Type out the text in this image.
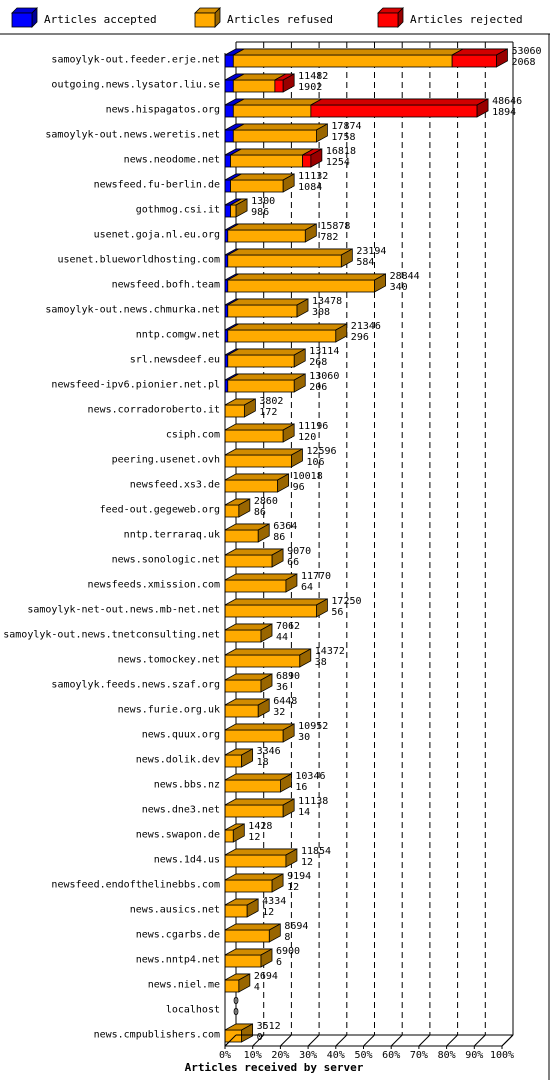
Articles accepted	Articles refused	Articles rejected
samoylyk-out.feeder.erje.net
53060
2068
outgoing.news.lysator.liu.se
11482
1902
news.hispagatos.org
48646
1894
samoylyk-out.news.weretis.net
17874
1758
news.neodome.net
16818
1254
newsfeed.fu-berlin.de
11132
1084
gothmog.csi.it
1300
986
usenet.goja.nl.eu.org
15878
782
usenet.blueworldhosting.com
23194
584
newsfeed.bofh.team
28844
340
samoylyk-out.news.chmurka.net
13478
308
nntp.comgw.net
21346
296
srl.newsdeef.eu
13114
268
newsfeed-ipv6.pionier.net.pl
13060
206
news.corradoroberto.it
3802
172
csiph.com
11196
120
peering.usenet.ovh
12596
106
newsfeed.xs3.de
10018
96
feed-out.gegeweb.org
2860
86
nntp.terraraq.uk
6364
86
news.sonologic.net
9070
66
newsfeeds.xmission.com
11770
64
samoylyk-net-out.news.mb-net.net
17250
56
samoylyk-out.news.tnetconsulting.net
7062
44
news.tomockey.net
14372
38
samoylyk.feeds.news.szaf.org
6890
36
news.furie.org.uk
6448
32
news.quux.org
10952
30
news.dolik.dev
3346
18
news.bbs.nz
10346
16
news.dne3.net
11138
14
news.swapon.de
1428
12
news.1d4.us
11854
12
newsfeed.endofthelinebbs.com
9194
12
news.ausics.net
4334
12
news.cgarbs.de
8694
8
news.nntp4.net
6900
6
news.niel.me
2694
4
localhost
0
0
news.cmpublishers.com
3512
0
0% 10% 20% 30% 40% 50% 60% 70% 80% 90% 100%
Articles received by server
